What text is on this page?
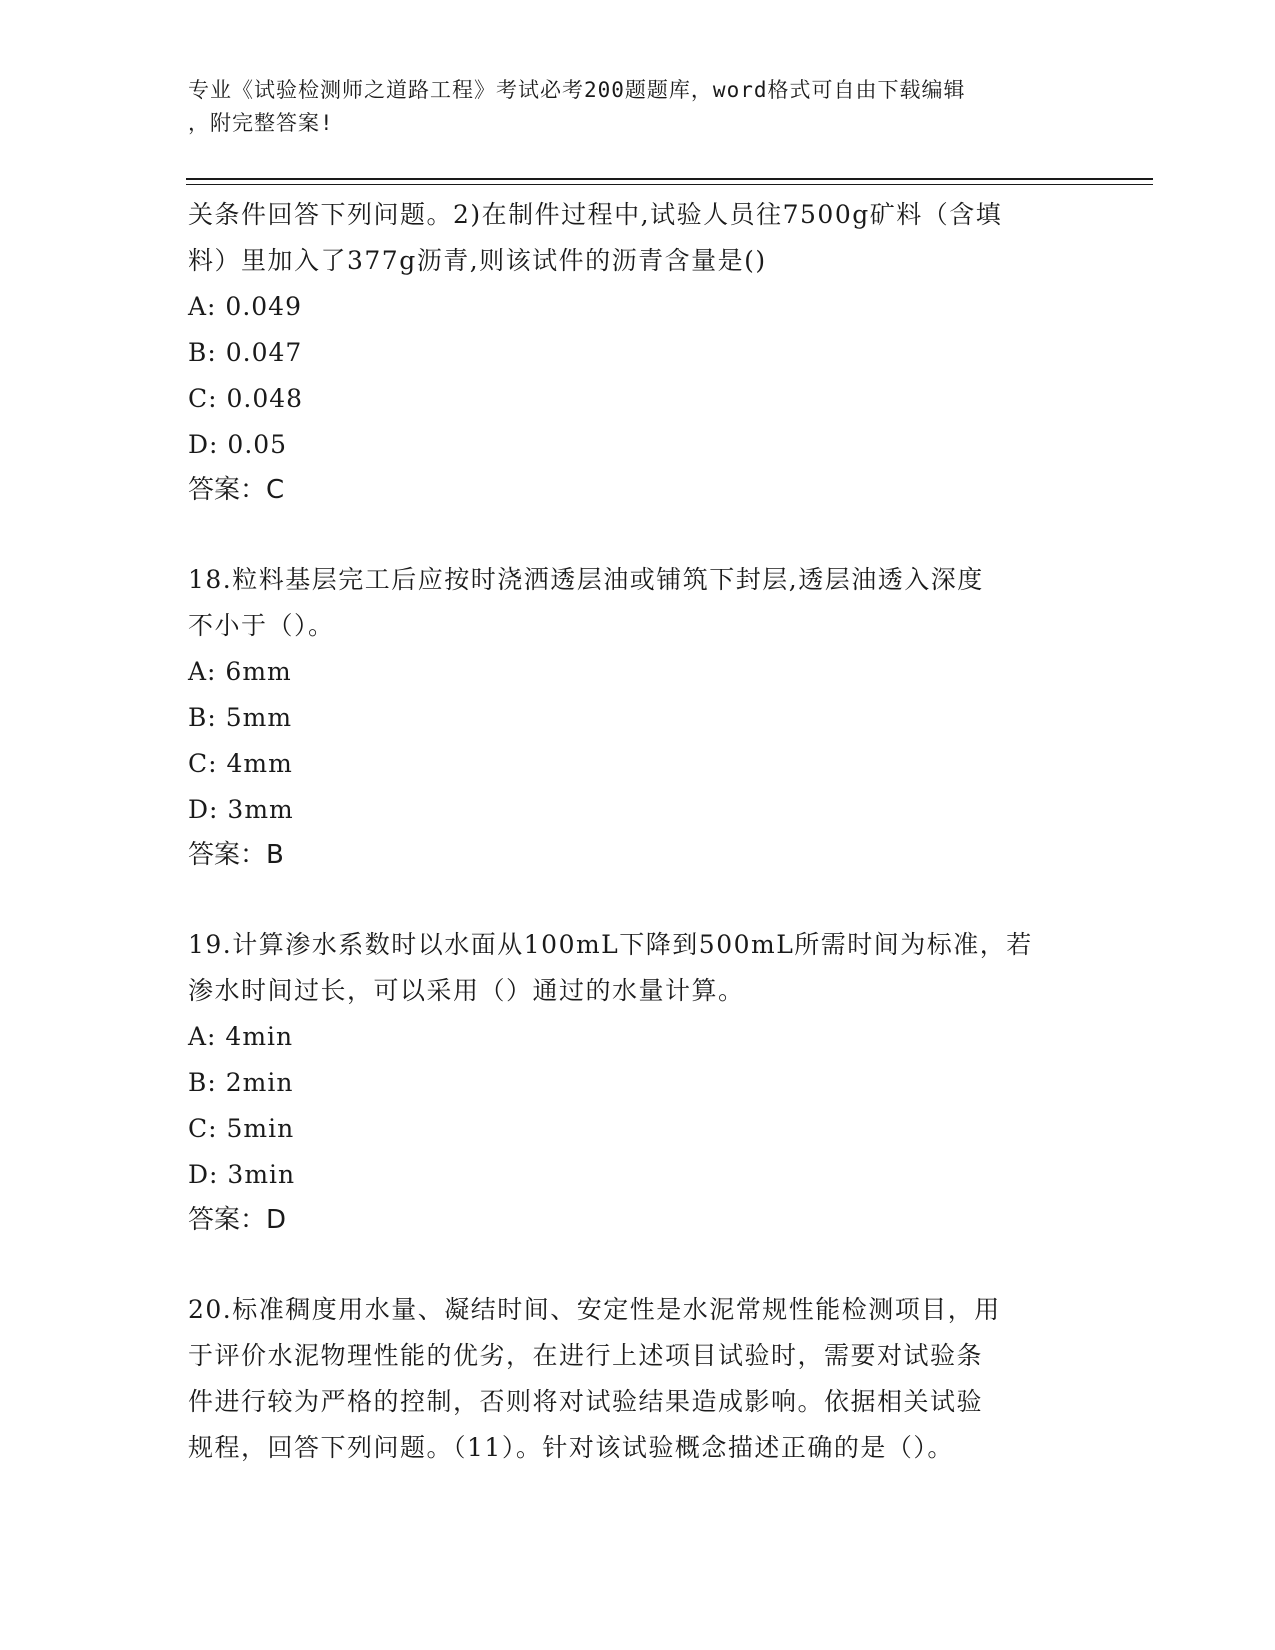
专业《试验检测师之道路工程》考试必考200题题库，word格式可自由下载编辑
，附完整答案!

关条件回答下列问题。2)在制件过程中,试验人员往7500g矿料（含填

料）里加入了377g沥青,则该试件的沥青含量是()

A: 0.049

B: 0.047

C: 0.048

D: 0.05

答案：C

18.粒料基层完工后应按时浇洒透层油或铺筑下封层,透层油透入深度

不小于（）。

A: 6mm

B: 5mm

C: 4mm

D: 3mm

答案：B

19.计算渗水系数时以水面从100mL下降到500mL所需时间为标准，若

渗水时间过长，可以采用（）通过的水量计算。

A: 4min

B: 2min

C: 5min

D: 3min

答案：D

20.标准稠度用水量、凝结时间、安定性是水泥常规性能检测项目，用

于评价水泥物理性能的优劣，在进行上述项目试验时，需要对试验条

件进行较为严格的控制，否则将对试验结果造成影响。依据相关试验

规程，回答下列问题。（11）。针对该试验概念描述正确的是（）。
